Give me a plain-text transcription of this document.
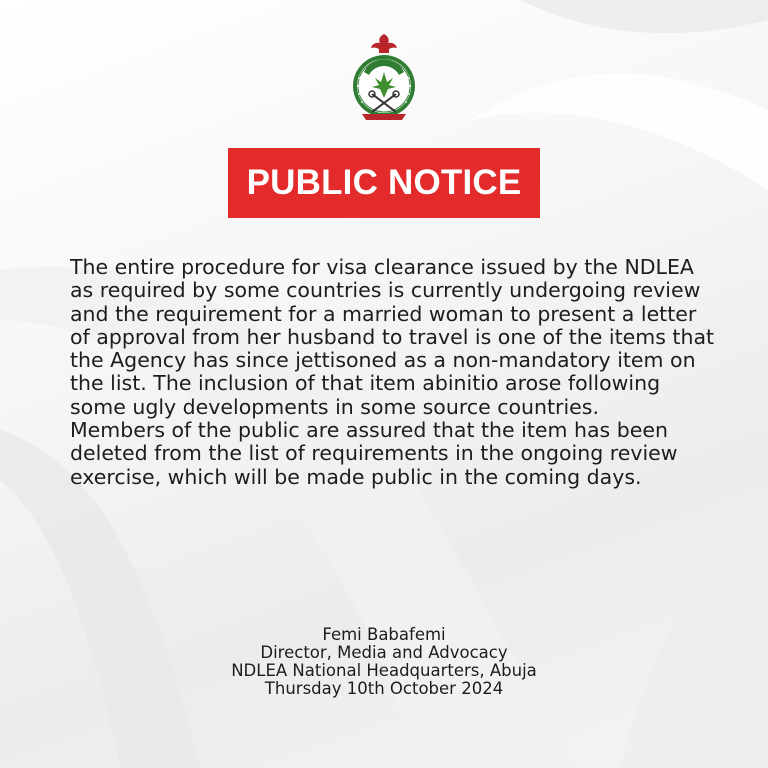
PUBLIC NOTICE

The entire procedure for visa clearance issued by the NDLEA as required by some countries is currently undergoing review and the requirement for a married woman to present a letter of approval from her husband to travel is one of the items that the Agency has since jettisoned as a non-mandatory item on the list. The inclusion of that item abinitio arose following some ugly developments in some source countries.

Members of the public are assured that the item has been deleted from the list of requirements in the ongoing review exercise, which will be made public in the coming days.

Femi Babafemi
Director, Media and Advocacy
NDLEA National Headquarters, Abuja
Thursday 10th October 2024
